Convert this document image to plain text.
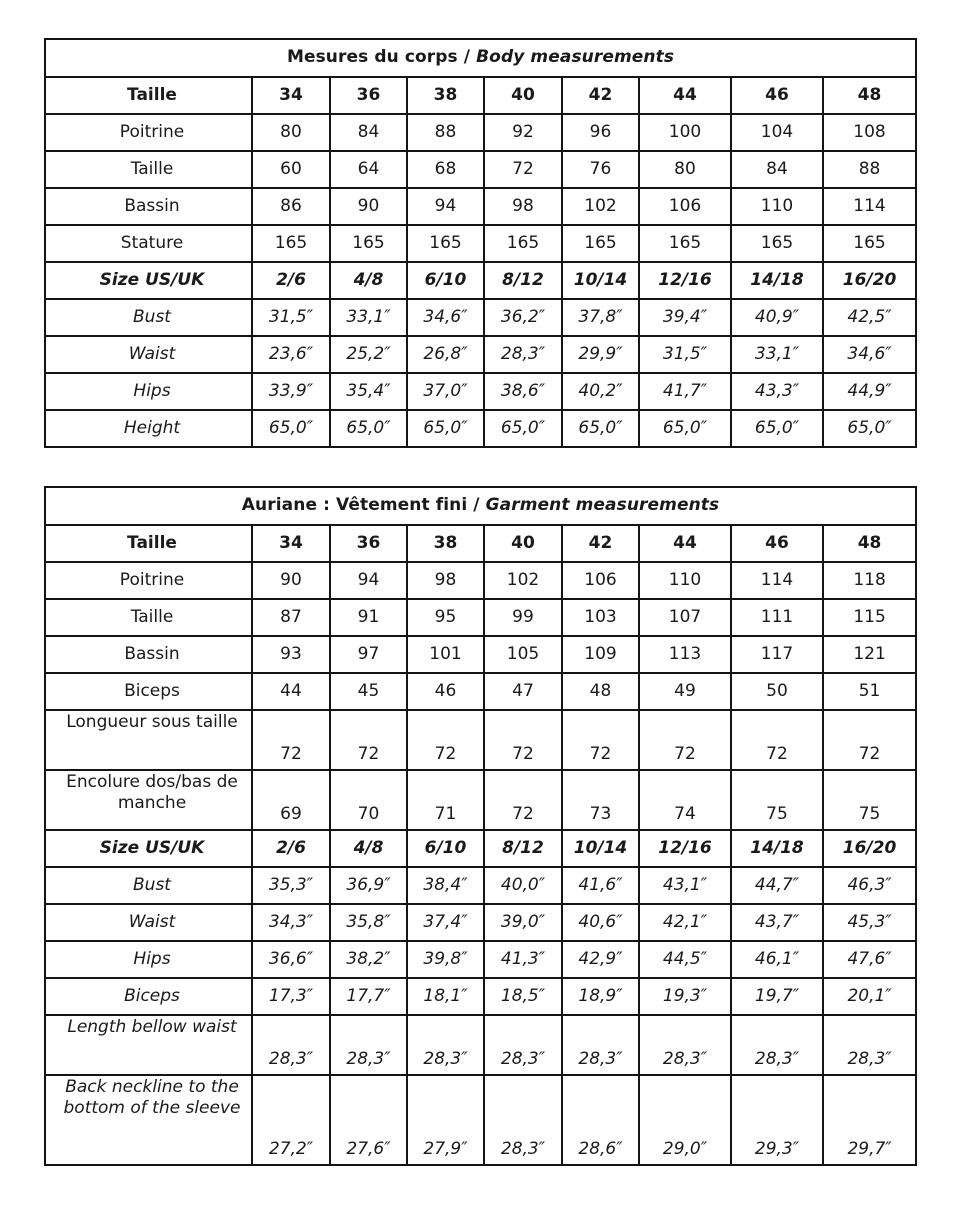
Mesures du corps / Body measurements								
Taille	34	36	38	40	42	44	46	48
Poitrine	80	84	88	92	96	100	104	108
Taille	60	64	68	72	76	80	84	88
Bassin	86	90	94	98	102	106	110	114
Stature	165	165	165	165	165	165	165	165
Size US/UK	2/6	4/8	6/10	8/12	10/14	12/16	14/18	16/20
Bust	31,5″	33,1″	34,6″	36,2″	37,8″	39,4″	40,9″	42,5″
Waist	23,6″	25,2″	26,8″	28,3″	29,9″	31,5″	33,1″	34,6″
Hips	33,9″	35,4″	37,0″	38,6″	40,2″	41,7″	43,3″	44,9″
Height	65,0″	65,0″	65,0″	65,0″	65,0″	65,0″	65,0″	65,0″
Auriane : Vêtement fini / Garment measurements								
Taille	34	36	38	40	42	44	46	48
Poitrine	90	94	98	102	106	110	114	118
Taille	87	91	95	99	103	107	111	115
Bassin	93	97	101	105	109	113	117	121
Biceps	44	45	46	47	48	49	50	51
Longueur sous taille	72	72	72	72	72	72	72	72
Encolure dos/bas de manche	69	70	71	72	73	74	75	75
Size US/UK	2/6	4/8	6/10	8/12	10/14	12/16	14/18	16/20
Bust	35,3″	36,9″	38,4″	40,0″	41,6″	43,1″	44,7″	46,3″
Waist	34,3″	35,8″	37,4″	39,0″	40,6″	42,1″	43,7″	45,3″
Hips	36,6″	38,2″	39,8″	41,3″	42,9″	44,5″	46,1″	47,6″
Biceps	17,3″	17,7″	18,1″	18,5″	18,9″	19,3″	19,7″	20,1″
Length bellow waist	28,3″	28,3″	28,3″	28,3″	28,3″	28,3″	28,3″	28,3″
Back neckline to the bottom of the sleeve	27,2″	27,6″	27,9″	28,3″	28,6″	29,0″	29,3″	29,7″
